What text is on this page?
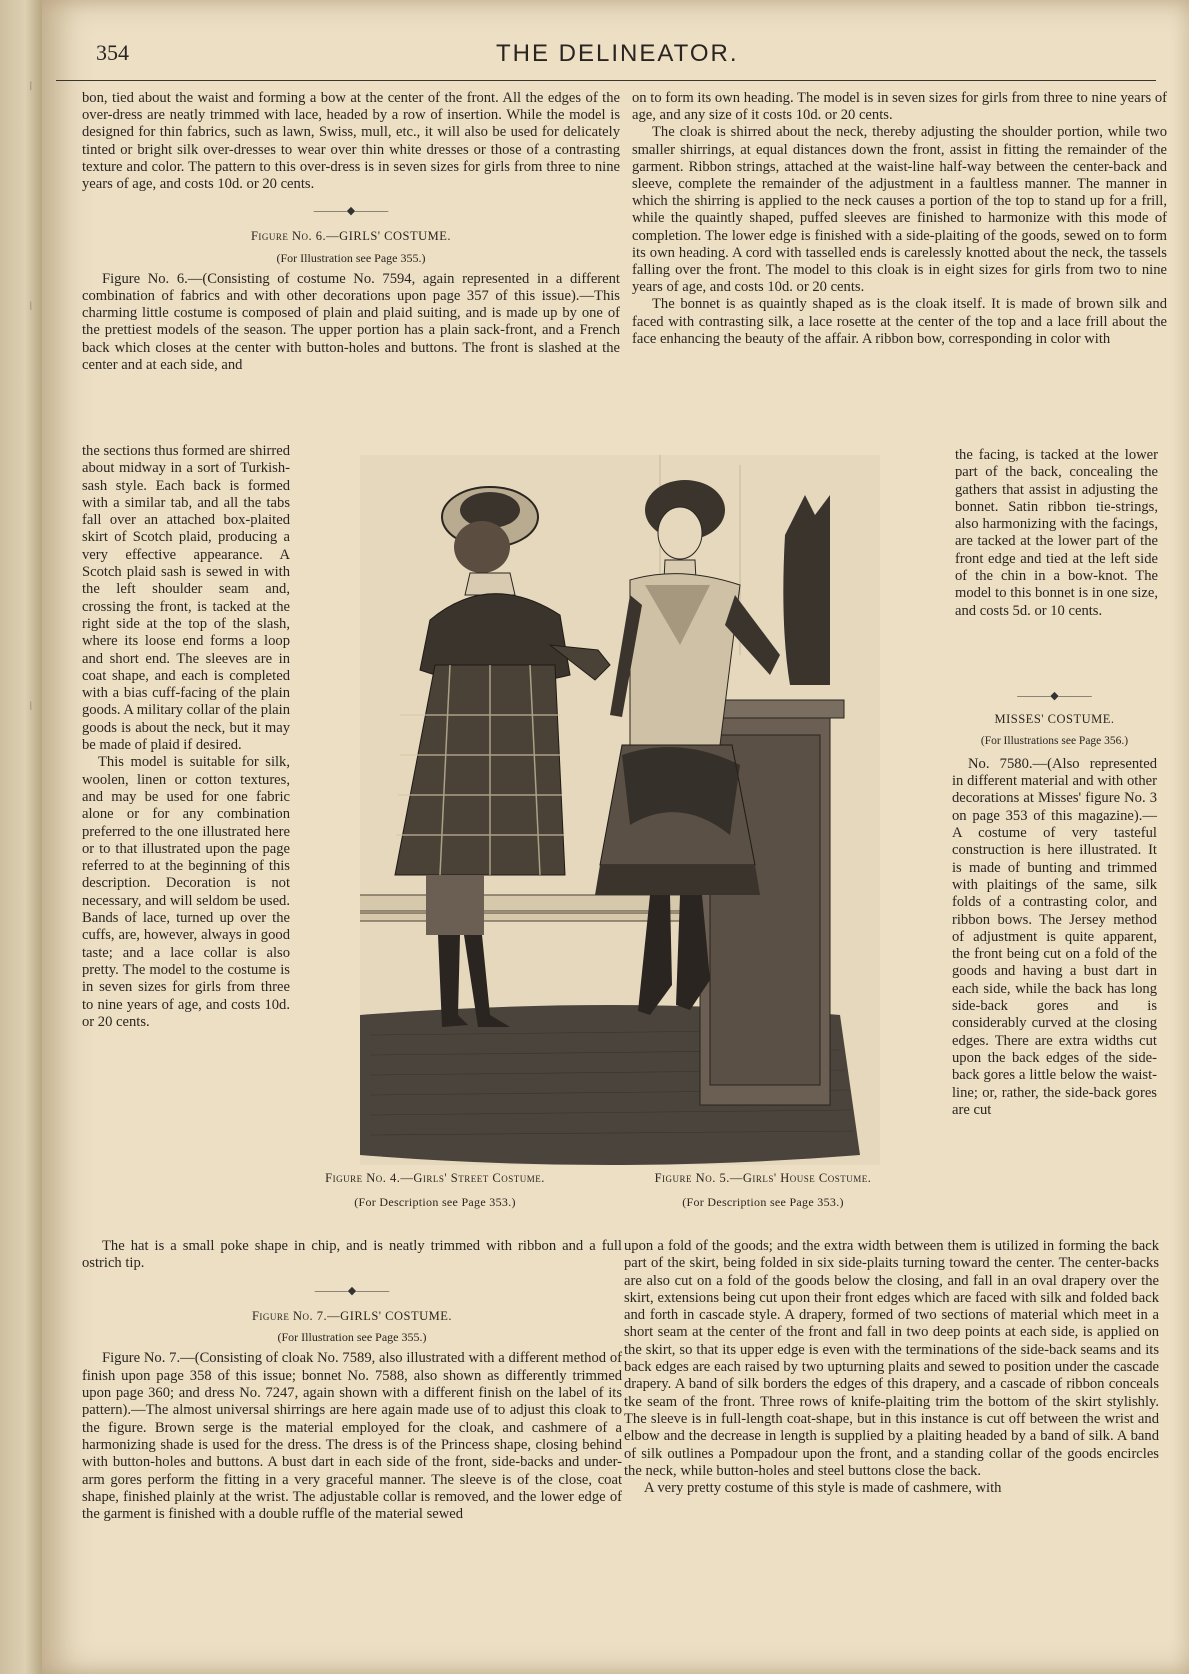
|
|
|
354	THE DELINEATOR.

bon, tied about the waist and forming a bow at the center of the front. All the edges of the over-dress are neatly trimmed with lace, headed by a row of insertion. While the model is designed for thin fabrics, such as lawn, Swiss, mull, etc., it will also be used for delicately tinted or bright silk over-dresses to wear over thin white dresses or those of a contrasting texture and color. The pattern to this over-dress is in seven sizes for girls from three to nine years of age, and costs 10d. or 20 cents.

———◆———

Figure No. 6.—GIRLS' COSTUME.

(For Illustration see Page 355.)

Figure No. 6.—(Consisting of costume No. 7594, again represented in a different combination of fabrics and with other decorations upon page 357 of this issue).—This charming little costume is composed of plain and plaid suiting, and is made up by one of the prettiest models of the season. The upper portion has a plain sack-front, and a French back which closes at the center with button-holes and buttons. The front is slashed at the center and at each side, and

the sections thus formed are shirred about midway in a sort of Turkish-sash style. Each back is formed with a similar tab, and all the tabs fall over an attached box-plaited skirt of Scotch plaid, producing a very effective appearance. A Scotch plaid sash is sewed in with the left shoulder seam and, crossing the front, is tacked at the right side at the top of the slash, where its loose end forms a loop and short end. The sleeves are in coat shape, and each is completed with a bias cuff-facing of the plain goods. A military collar of the plain goods is about the neck, but it may be made of plaid if desired.

This model is suitable for silk, woolen, linen or cotton textures, and may be used for one fabric alone or for any combination preferred to the one illustrated here or to that illustrated upon the page referred to at the beginning of this description. Decoration is not necessary, and will seldom be used. Bands of lace, turned up over the cuffs, are, however, always in good taste; and a lace collar is also pretty. The model to the costume is in seven sizes for girls from three to nine years of age, and costs 10d. or 20 cents.

on to form its own heading. The model is in seven sizes for girls from three to nine years of age, and any size of it costs 10d. or 20 cents.

The cloak is shirred about the neck, thereby adjusting the shoulder portion, while two smaller shirrings, at equal distances down the front, assist in fitting the remainder of the garment. Ribbon strings, attached at the waist-line half-way between the center-back and sleeve, complete the remainder of the adjustment in a faultless manner. The manner in which the shirring is applied to the neck causes a portion of the top to stand up for a frill, while the quaintly shaped, puffed sleeves are finished to harmonize with this mode of completion. The lower edge is finished with a side-plaiting of the goods, sewed on to form its own heading. A cord with tasselled ends is carelessly knotted about the neck, the tassels falling over the front. The model to this cloak is in eight sizes for girls from two to nine years of age, and costs 10d. or 20 cents.

The bonnet is as quaintly shaped as is the cloak itself. It is made of brown silk and faced with contrasting silk, a lace rosette at the center of the top and a lace frill about the face enhancing the beauty of the affair. A ribbon bow, corresponding in color with

the facing, is tacked at the lower part of the back, concealing the gathers that assist in adjusting the bonnet. Satin ribbon tie-strings, also harmonizing with the facings, are tacked at the lower part of the front edge and tied at the left side of the chin in a bow-knot. The model to this bonnet is in one size, and costs 5d. or 10 cents.

———◆———

MISSES' COSTUME.

(For Illustrations see Page 356.)

No. 7580.—(Also represented in different material and with other decorations at Misses' figure No. 3 on page 353 of this magazine).—A costume of very tasteful construction is here illustrated. It is made of bunting and trimmed with plaitings of the same, silk folds of a contrasting color, and ribbon bows. The Jersey method of adjustment is quite apparent, the front being cut on a fold of the goods and having a bust dart in each side, while the back has long side-back gores and is considerably curved at the closing edges. There are extra widths cut upon the back edges of the side-back gores a little below the waist-line; or, rather, the side-back gores are cut

Figure No. 4.—Girls' Street Costume.
(For Description see Page 353.)
Figure No. 5.—Girls' House Costume.
(For Description see Page 353.)

The hat is a small poke shape in chip, and is neatly trimmed with ribbon and a full ostrich tip.

———◆———

Figure No. 7.—GIRLS' COSTUME.

(For Illustration see Page 355.)

Figure No. 7.—(Consisting of cloak No. 7589, also illustrated with a different method of finish upon page 358 of this issue; bonnet No. 7588, also shown as differently trimmed upon page 360; and dress No. 7247, again shown with a different finish on the label of its pattern).—The almost universal shirrings are here again made use of to adjust this cloak to the figure. Brown serge is the material employed for the cloak, and cashmere of a harmonizing shade is used for the dress. The dress is of the Princess shape, closing behind with button-holes and buttons. A bust dart in each side of the front, side-backs and under-arm gores perform the fitting in a very graceful manner. The sleeve is of the close, coat shape, finished plainly at the wrist. The adjustable collar is removed, and the lower edge of the garment is finished with a double ruffle of the material sewed

upon a fold of the goods; and the extra width between them is utilized in forming the back part of the skirt, being folded in six side-plaits turning toward the center. The center-backs are also cut on a fold of the goods below the closing, and fall in an oval drapery over the skirt, extensions being cut upon their front edges which are faced with silk and folded back and forth in cascade style. A drapery, formed of two sections of material which meet in a short seam at the center of the front and fall in two deep points at each side, is applied on the skirt, so that its upper edge is even with the terminations of the side-back seams and its back edges are each raised by two upturning plaits and sewed to position under the cascade drapery. A band of silk borders the edges of this drapery, and a cascade of ribbon conceals tke seam of the front. Three rows of knife-plaiting trim the bottom of the skirt stylishly. The sleeve is in full-length coat-shape, but in this instance is cut off between the wrist and elbow and the decrease in length is supplied by a plaiting headed by a band of silk. A band of silk outlines a Pompadour upon the front, and a standing collar of the goods encircles the neck, while button-holes and steel buttons close the back.

A very pretty costume of this style is made of cashmere, with
